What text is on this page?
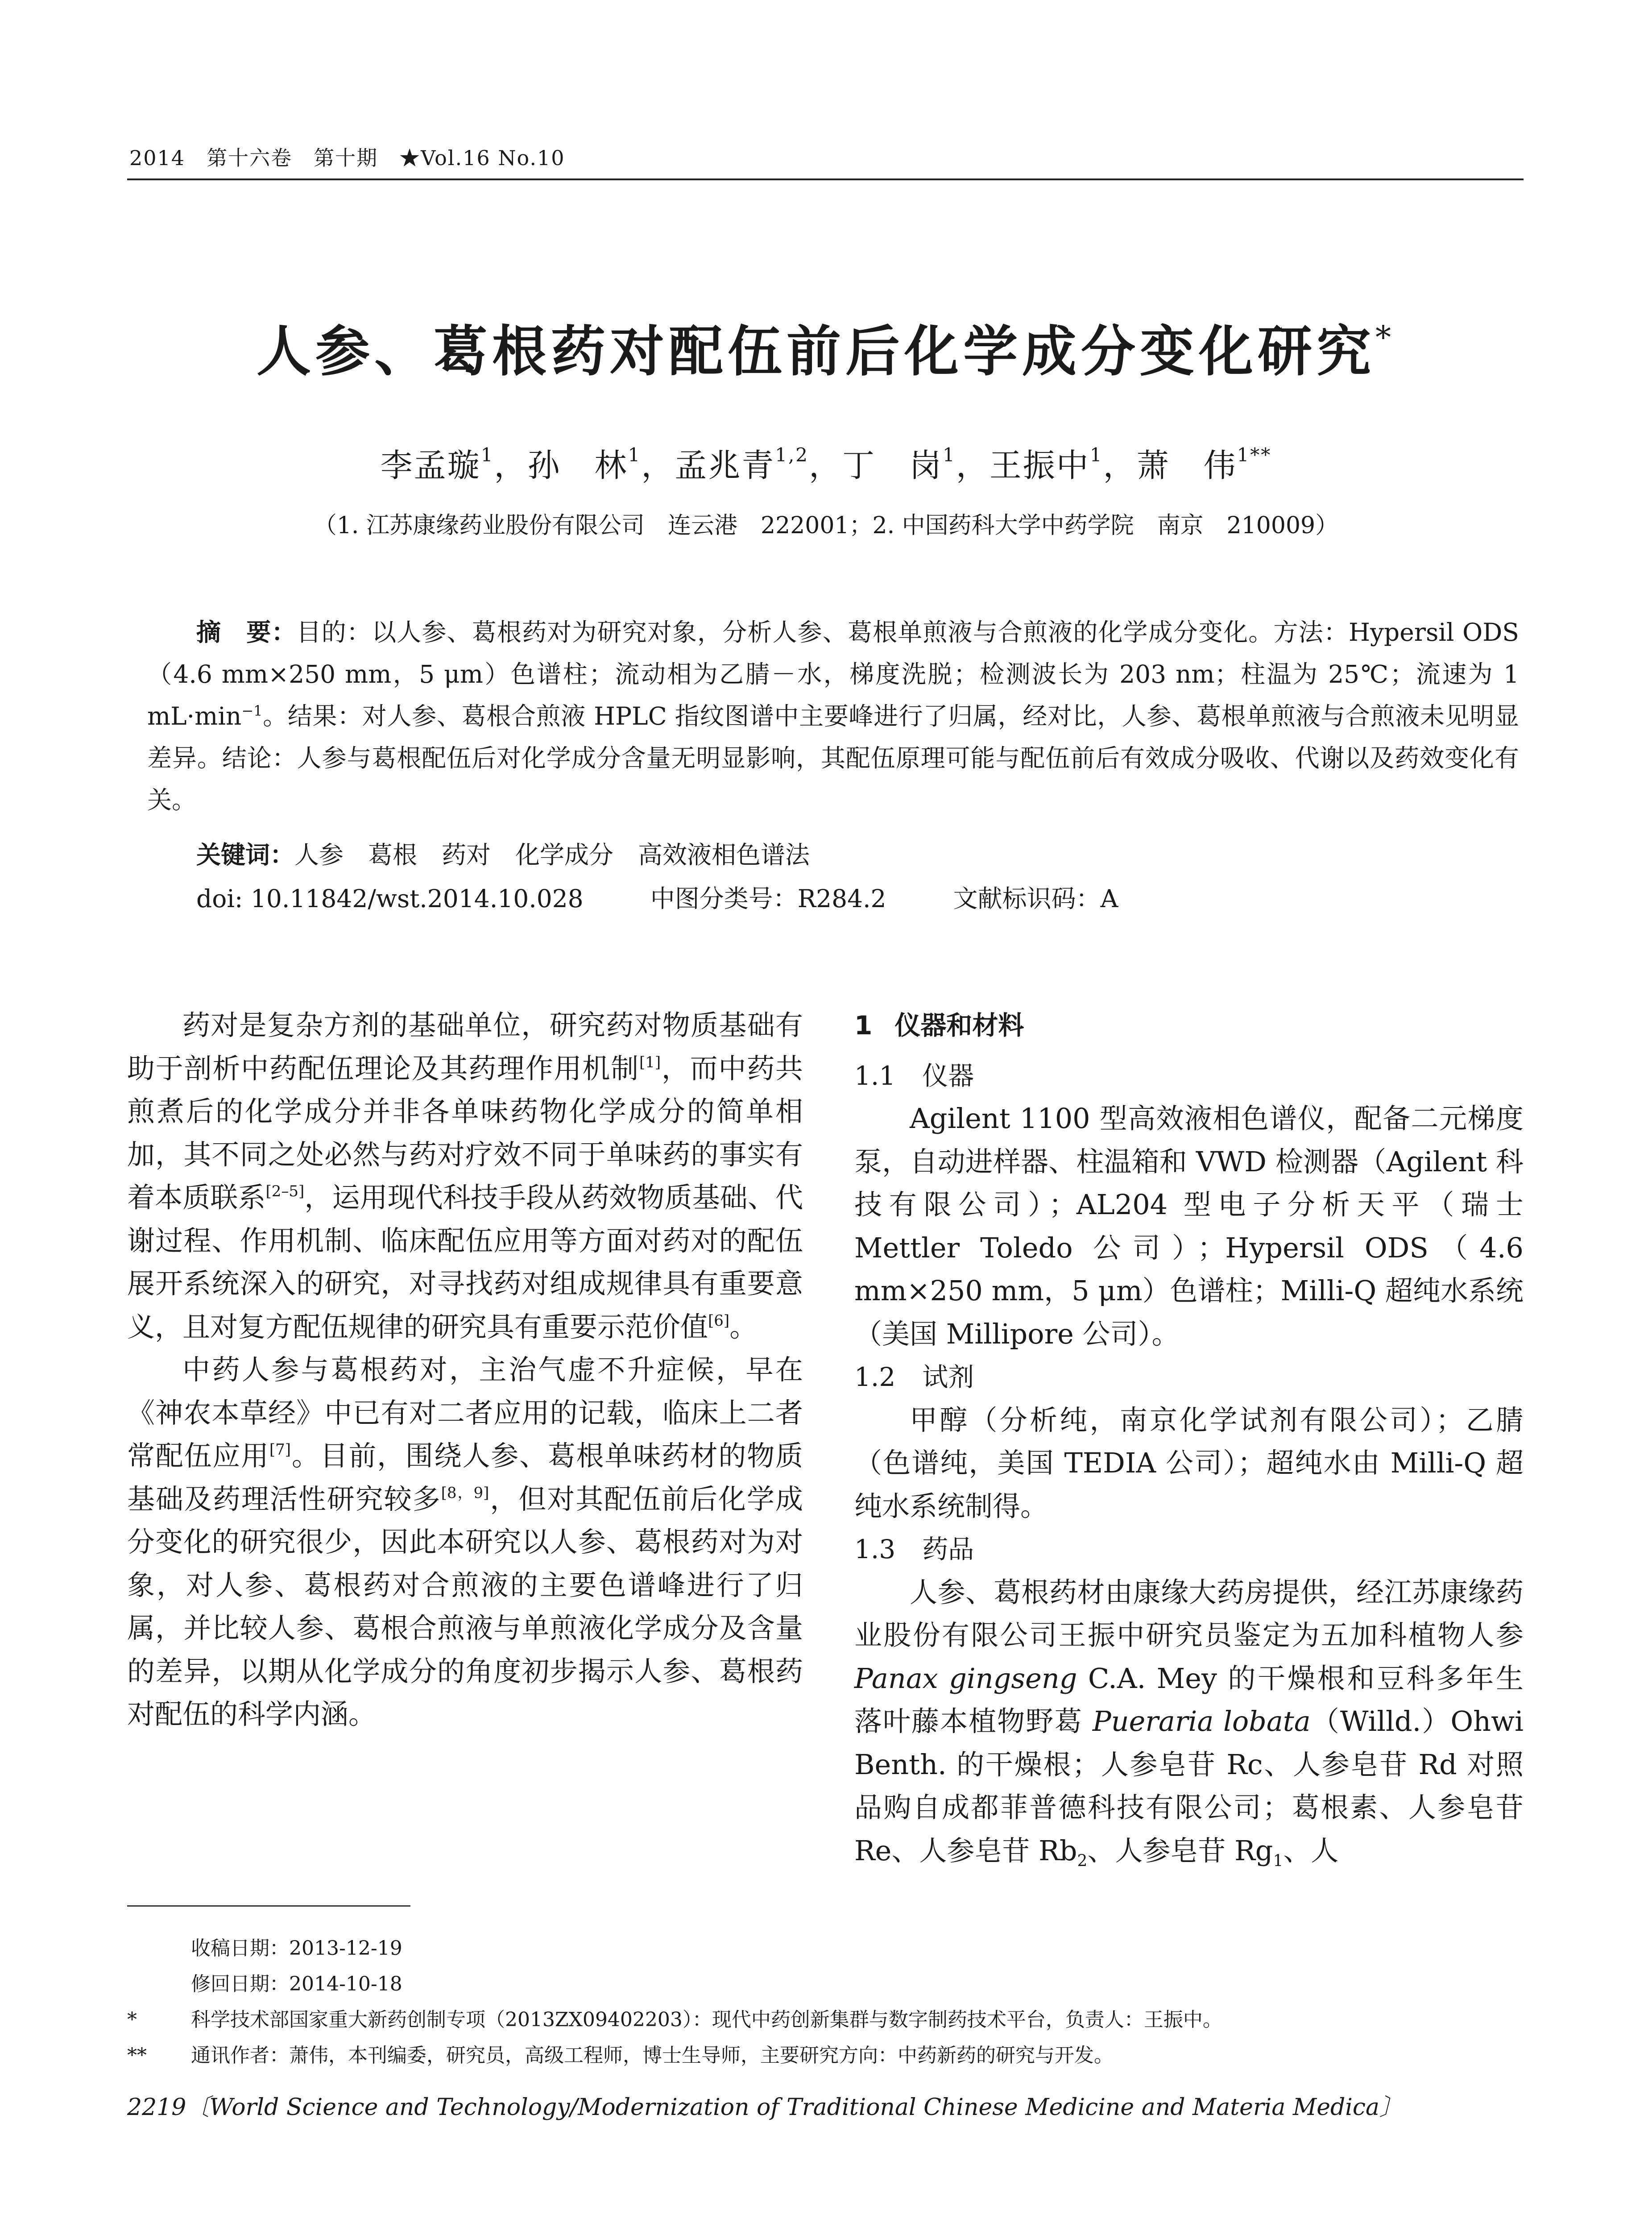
2014　第十六卷　第十期　★Vol.16 No.10
人参、葛根药对配伍前后化学成分变化研究*
李孟璇$^1$，孙　林$^1$，孟兆青$^{1,2}$，丁　岗$^1$，王振中$^1$，萧　伟$^{1**}$
（1. 江苏康缘药业股份有限公司　连云港　222001；2. 中国药科大学中药学院　南京　210009）
摘　要：目的：以人参、葛根药对为研究对象，分析人参、葛根单煎液与合煎液的化学成分变化。方法：Hypersil ODS（4.6 mm×250 mm，5 μm）色谱柱；流动相为乙腈－水，梯度洗脱；检测波长为 203 nm；柱温为 25℃；流速为 1 $mL\cdot\min^{-1}$。结果：对人参、葛根合煎液 HPLC 指纹图谱中主要峰进行了归属，经对比，人参、葛根单煎液与合煎液未见明显差异。结论：人参与葛根配伍后对化学成分含量无明显影响，其配伍原理可能与配伍前后有效成分吸收、代谢以及药效变化有关。
关键词：人参　葛根　药对　化学成分　高效液相色谱法
doi: 10.11842/wst.2014.10.028	中图分类号：R284.2	文献标识码：A

药对是复杂方剂的基础单位，研究药对物质基础有助于剖析中药配伍理论及其药理作用机制[1]，而中药共煎煮后的化学成分并非各单味药物化学成分的简单相加，其不同之处必然与药对疗效不同于单味药的事实有着本质联系[2–5]，运用现代科技手段从药效物质基础、代谢过程、作用机制、临床配伍应用等方面对药对的配伍展开系统深入的研究，对寻找药对组成规律具有重要意义，且对复方配伍规律的研究具有重要示范价值[6]。

中药人参与葛根药对，主治气虚不升症候，早在《神农本草经》中已有对二者应用的记载，临床上二者常配伍应用[7]。目前，围绕人参、葛根单味药材的物质基础及药理活性研究较多[8，9]，但对其配伍前后化学成分变化的研究很少，因此本研究以人参、葛根药对为对象，对人参、葛根药对合煎液的主要色谱峰进行了归属，并比较人参、葛根合煎液与单煎液化学成分及含量的差异，以期从化学成分的角度初步揭示人参、葛根药对配伍的科学内涵。

1 仪器和材料
1.1 仪器

Agilent 1100 型高效液相色谱仪，配备二元梯度泵，自动进样器、柱温箱和 VWD 检测器（Agilent 科技有限公司）；AL204 型电子分析天平（瑞士 Mettler Toledo 公司）；Hypersil ODS（4.6 mm×250 mm，5 μm）色谱柱；Milli-Q 超纯水系统（美国 Millipore 公司）。

1.2 试剂

甲醇（分析纯，南京化学试剂有限公司）；乙腈（色谱纯，美国 TEDIA 公司）；超纯水由 Milli-Q 超纯水系统制得。

1.3 药品

人参、葛根药材由康缘大药房提供，经江苏康缘药业股份有限公司王振中研究员鉴定为五加科植物人参 Panax gingseng C.A. Mey 的干燥根和豆科多年生落叶藤本植物野葛 Pueraria lobata（Willd.）Ohwi Benth. 的干燥根；人参皂苷 Rc、人参皂苷 Rd 对照品购自成都菲普德科技有限公司；葛根素、人参皂苷 Re、人参皂苷 $Rb_2$、人参皂苷 $Rg_1$、人

收稿日期：2013-12-19
修回日期：2014-10-18
*	科学技术部国家重大新药创制专项（2013ZX09402203）：现代中药创新集群与数字制药技术平台，负责人：王振中。
** 通讯作者：萧伟，本刊编委，研究员，高级工程师，博士生导师，主要研究方向：中药新药的研究与开发。
2219〔World Science and Technology/Modernization of Traditional Chinese Medicine and Materia Medica〕
